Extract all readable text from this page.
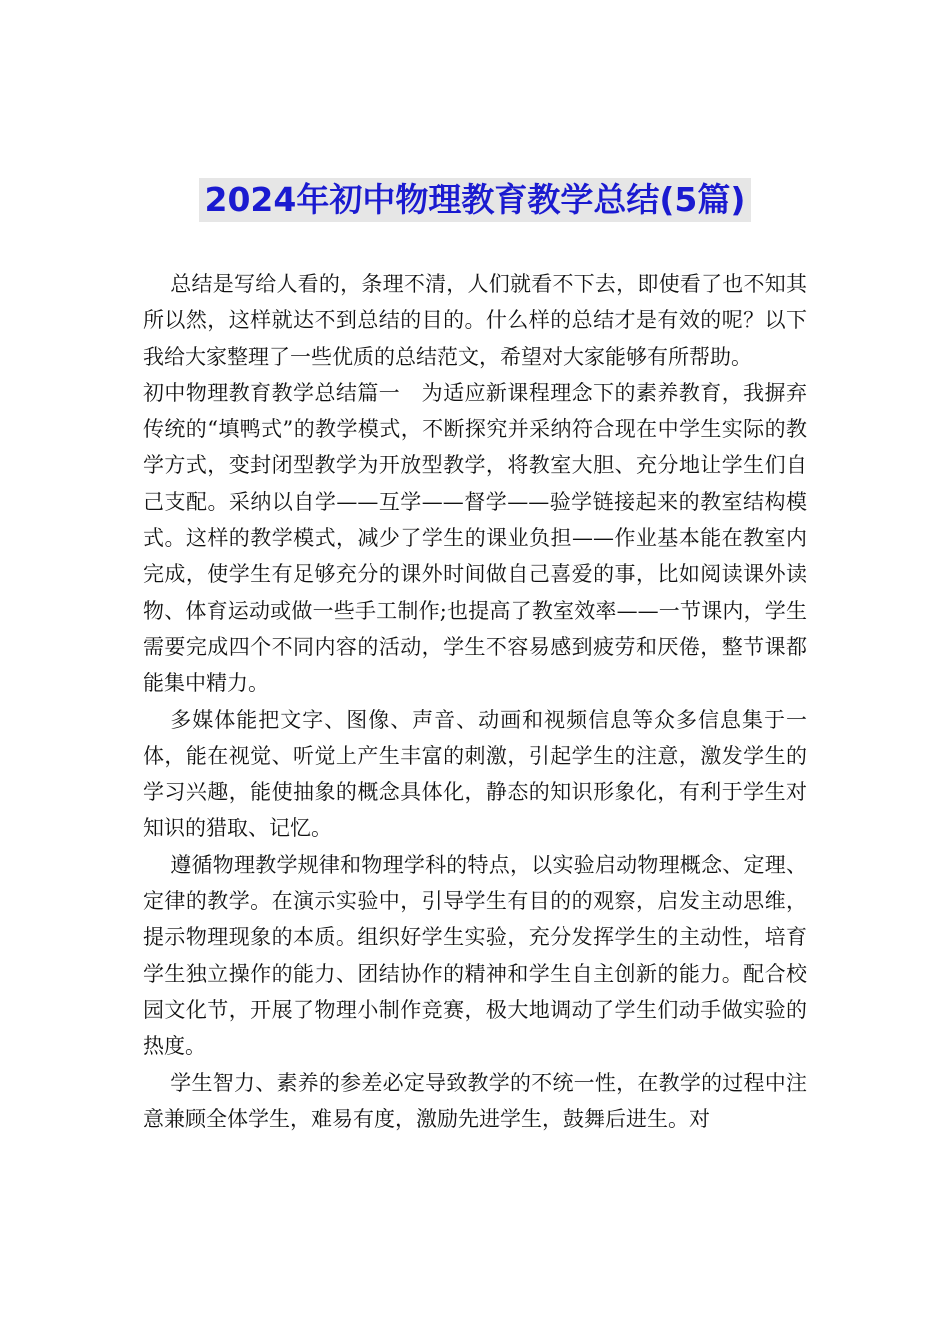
2024年初中物理教育教学总结(5篇)

总结是写给人看的，条理不清，人们就看不下去，即使看了也不知其所以然，这样就达不到总结的目的。什么样的总结才是有效的呢？以下我给大家整理了一些优质的总结范文，希望对大家能够有所帮助。

初中物理教育教学总结篇一　为适应新课程理念下的素养教育，我摒弃传统的“填鸭式”的教学模式，不断探究并采纳符合现在中学生实际的教学方式，变封闭型教学为开放型教学，将教室大胆、充分地让学生们自己支配。采纳以自学——互学——督学——验学链接起来的教室结构模式。这样的教学模式，减少了学生的课业负担——作业基本能在教室内完成，使学生有足够充分的课外时间做自己喜爱的事，比如阅读课外读物、体育运动或做一些手工制作;也提高了教室效率——一节课内，学生需要完成四个不同内容的活动，学生不容易感到疲劳和厌倦，整节课都能集中精力。

多媒体能把文字、图像、声音、动画和视频信息等众多信息集于一体，能在视觉、听觉上产生丰富的刺激，引起学生的注意，激发学生的学习兴趣，能使抽象的概念具体化，静态的知识形象化，有利于学生对知识的猎取、记忆。

遵循物理教学规律和物理学科的特点，以实验启动物理概念、定理、定律的教学。在演示实验中，引导学生有目的的观察，启发主动思维，提示物理现象的本质。组织好学生实验，充分发挥学生的主动性，培育学生独立操作的能力、团结协作的精神和学生自主创新的能力。配合校园文化节，开展了物理小制作竞赛，极大地调动了学生们动手做实验的热度。

学生智力、素养的参差必定导致教学的不统一性，在教学的过程中注意兼顾全体学生，难易有度，激励先进学生，鼓舞后进生。对
